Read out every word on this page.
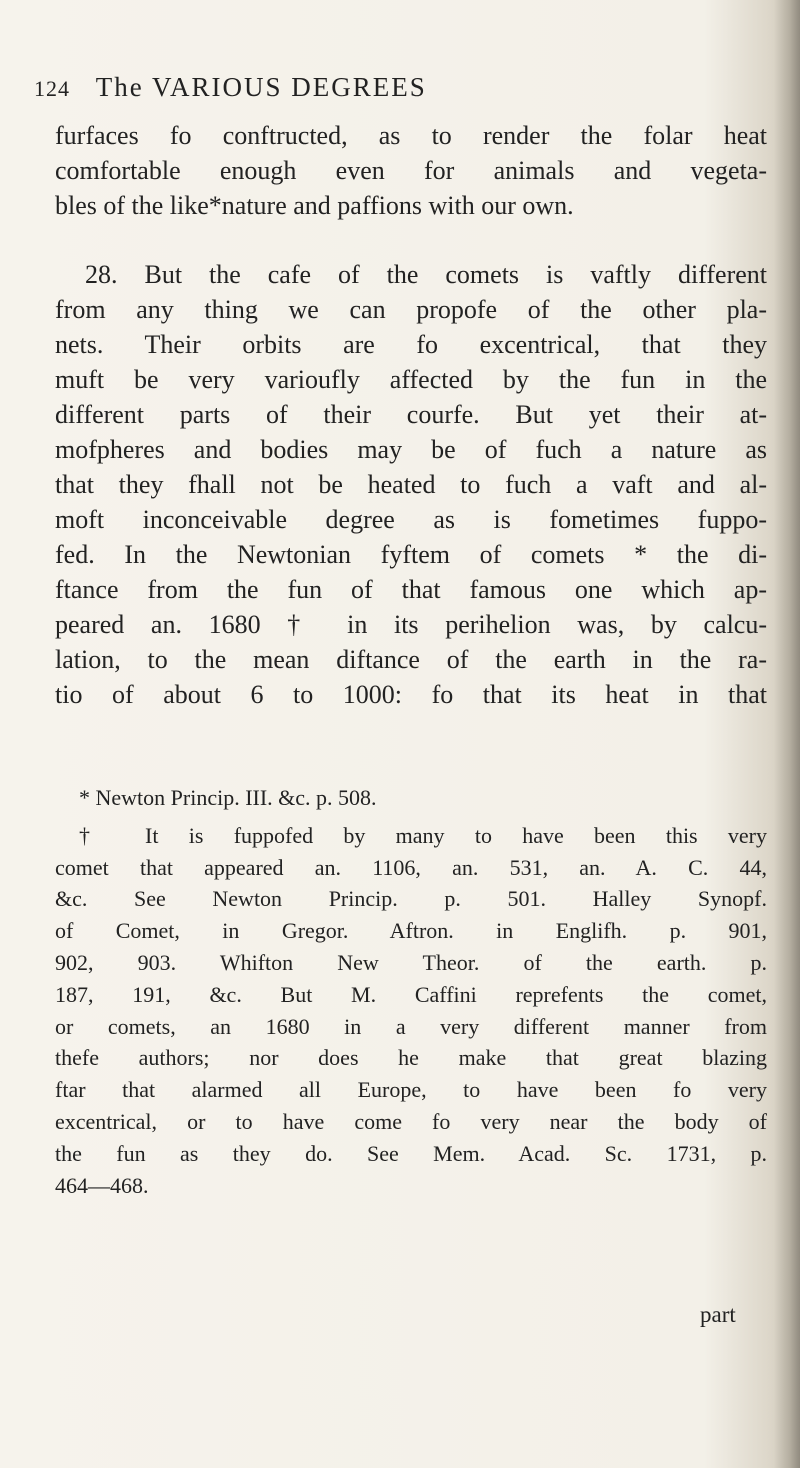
124 The VARIOUS DEGREES
furfaces fo conftructed, as to render the folar heat
comfortable enough even for animals and vegeta-
bles of the like*nature and paffions with our own.
28. But the cafe of the comets is vaftly different
from any thing we can propofe of the other pla-
nets. Their orbits are fo excentrical, that they
muft be very varioufly affected by the fun in the
different parts of their courfe. But yet their at-
mofpheres and bodies may be of fuch a nature as
that they fhall not be heated to fuch a vaft and al-
moft inconceivable degree as is fometimes fuppo-
fed. In the Newtonian fyftem of comets * the di-
ftance from the fun of that famous one which ap-
peared an. 1680 † in its perihelion was, by calcu-
lation, to the mean diftance of the earth in the ra-
tio of about 6 to 1000: fo that its heat in that
* Newton Princip. III. &c. p. 508.
† It is fuppofed by many to have been this very
comet that appeared an. 1106, an. 531, an. A. C. 44,
&c. See Newton Princip. p. 501. Halley Synopf.
of Comet, in Gregor. Aftron. in Englifh. p. 901,
902, 903. Whifton New Theor. of the earth. p.
187, 191, &c. But M. Caffini reprefents the comet,
or comets, an 1680 in a very different manner from
thefe authors; nor does he make that great blazing
ftar that alarmed all Europe, to have been fo very
excentrical, or to have come fo very near the body of
the fun as they do. See Mem. Acad. Sc. 1731, p.
464—468.
part
